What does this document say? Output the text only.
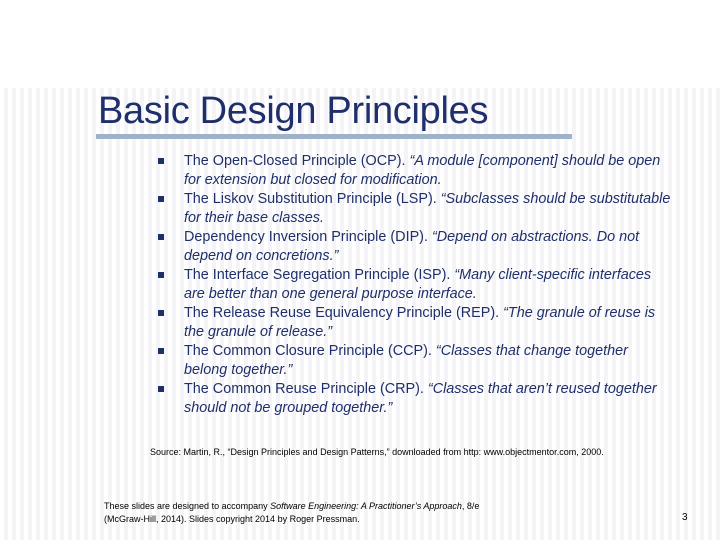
Basic Design Principles
The Open-Closed Principle (OCP). “A module [component] should be open for extension but closed for modification.
The Liskov Substitution Principle (LSP). “Subclasses should be substitutable for their base classes.
Dependency Inversion Principle (DIP). “Depend on abstractions. Do not depend on concretions.”
The Interface Segregation Principle (ISP). “Many client-specific interfaces are better than one general purpose interface.
The Release Reuse Equivalency Principle (REP). “The granule of reuse is the granule of release.”
The Common Closure Principle (CCP). “Classes that change together belong together.”
The Common Reuse Principle (CRP). “Classes that aren’t reused together should not be grouped together.”
Source: Martin, R., “Design Principles and Design Patterns,” downloaded from http: www.objectmentor.com, 2000.
These slides are designed to accompany Software Engineering: A Practitioner’s Approach, 8/e
(McGraw-Hill, 2014). Slides copyright 2014 by Roger Pressman.	3
